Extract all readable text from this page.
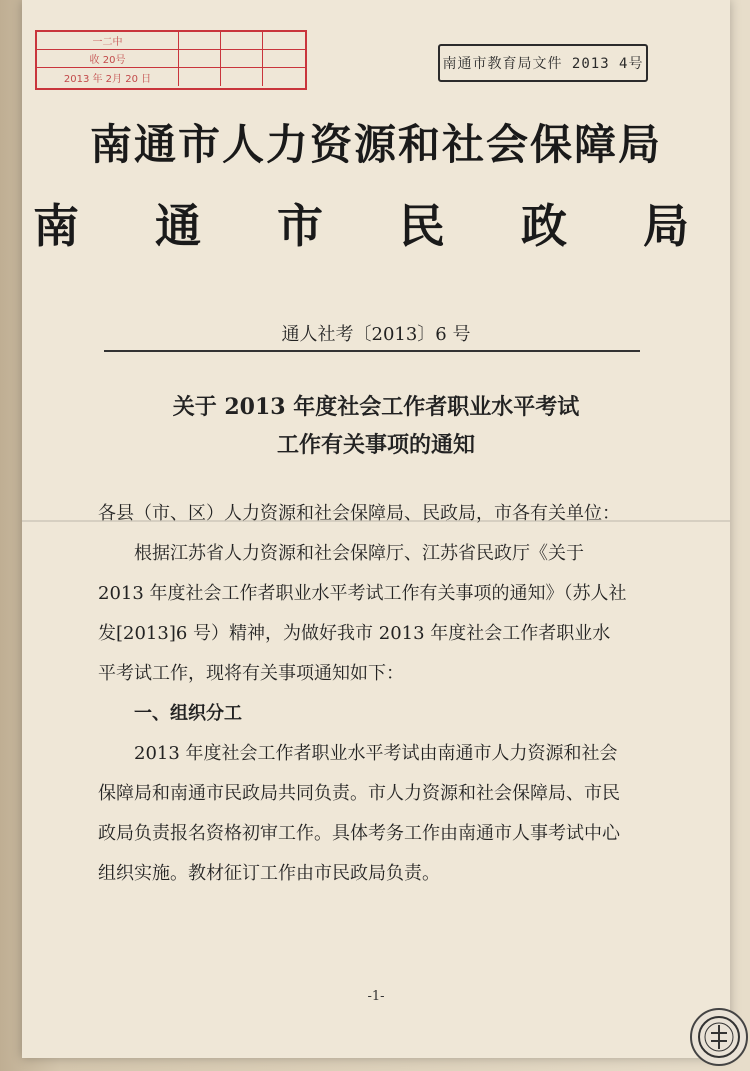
一二中
收 20号
2013 年 2月 20 日
南通市教育局文件 2013 4号
南通市人力资源和社会保障局
南 通 市 民 政 局
通人社考〔2013〕6 号
关于 2013 年度社会工作者职业水平考试
工作有关事项的通知

各县（市、区）人力资源和社会保障局、民政局，市各有关单位：

根据江苏省人力资源和社会保障厅、江苏省民政厅《关于 2013 年度社会工作者职业水平考试工作有关事项的通知》（苏人社发[2013]6 号）精神，为做好我市 2013 年度社会工作者职业水平考试工作，现将有关事项通知如下：

一、组织分工

2013 年度社会工作者职业水平考试由南通市人力资源和社会保障局和南通市民政局共同负责。市人力资源和社会保障局、市民政局负责报名资格初审工作。具体考务工作由南通市人事考试中心组织实施。教材征订工作由市民政局负责。

-1-
